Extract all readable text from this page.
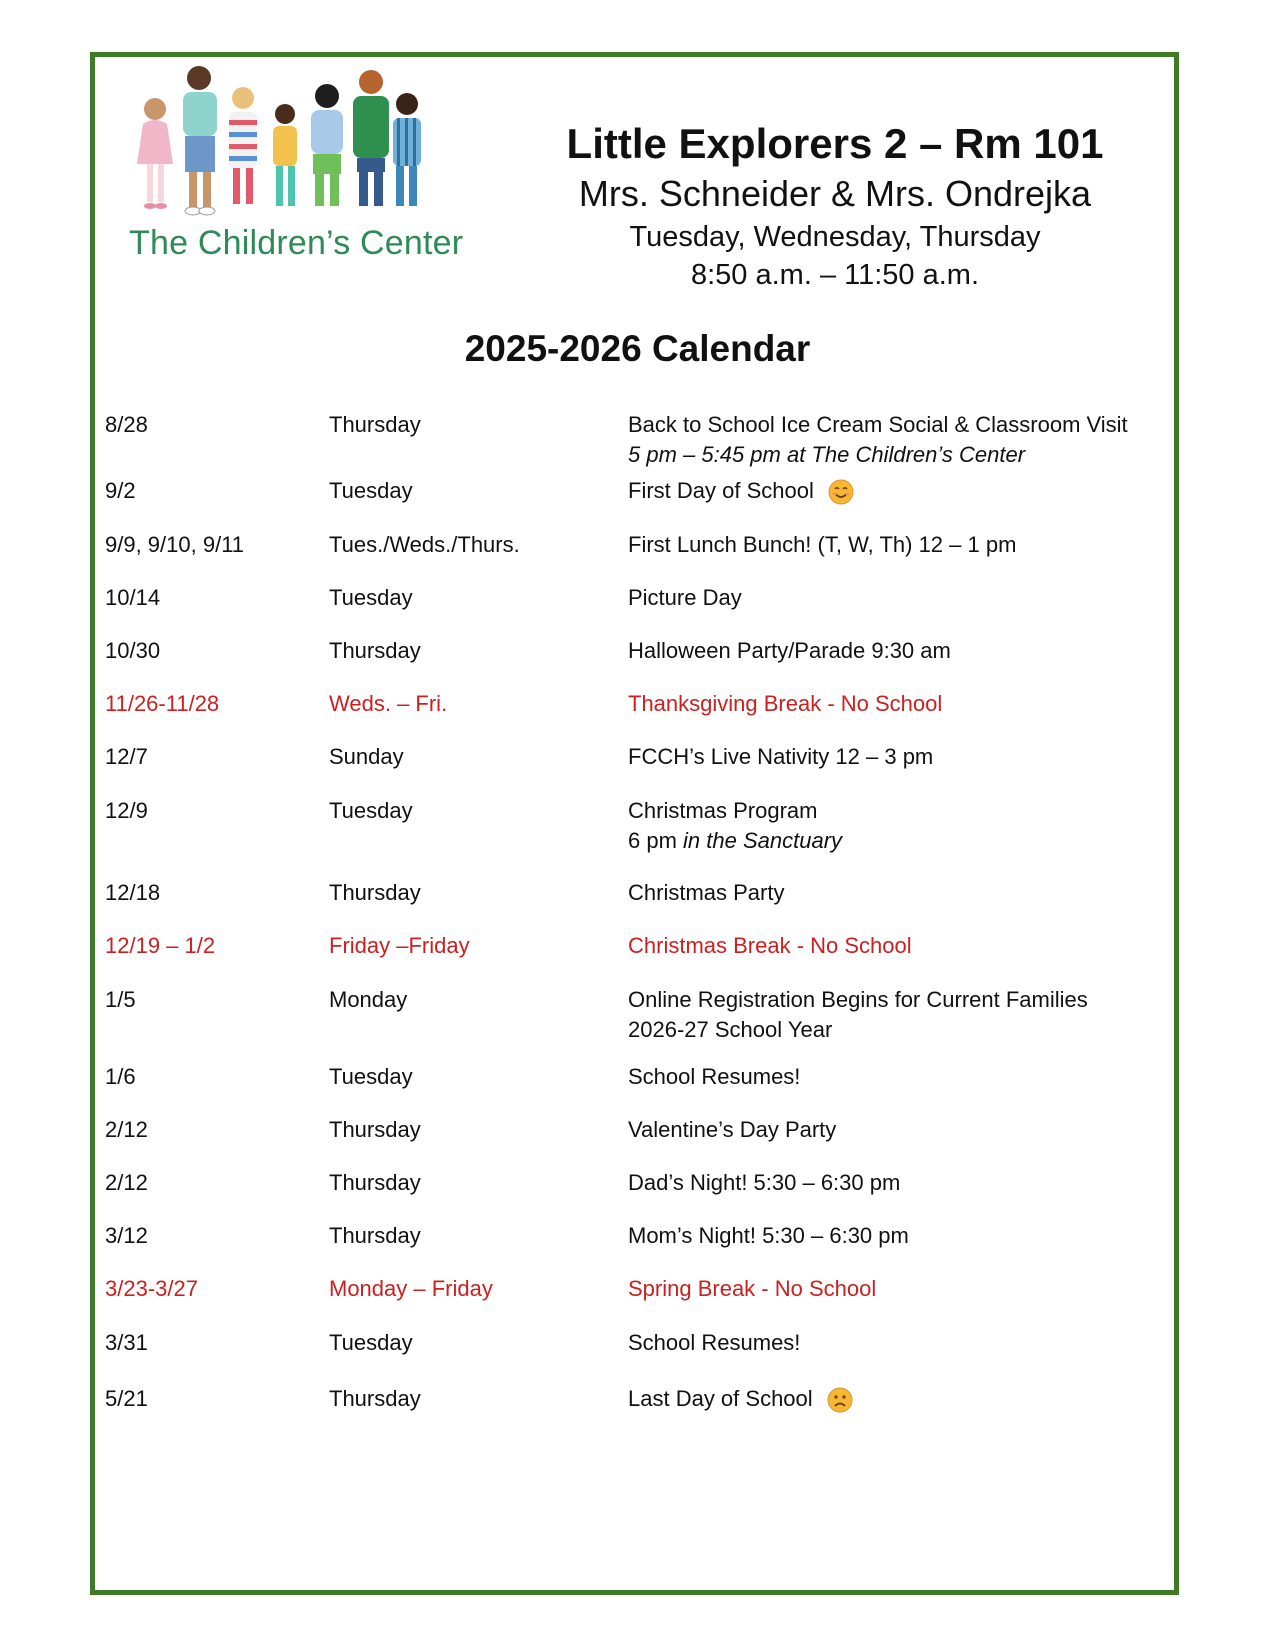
The Children’s Center

Little Explorers 2 – Rm 101

Mrs. Schneider & Mrs. Ondrejka

Tuesday, Wednesday, Thursday

8:50 a.m. – 11:50 a.m.

2025-2026 Calendar
8/28	Thursday	Back to School Ice Cream Social & Classroom Visit
5 pm – 5:45 pm at The Children’s Center
9/2	Tuesday	First Day of School
9/9, 9/10, 9/11	Tues./Weds./Thurs.	First Lunch Bunch! (T, W, Th) 12 – 1 pm
10/14	Tuesday	Picture Day
10/30	Thursday	Halloween Party/Parade 9:30 am
11/26-11/28	Weds. – Fri.	Thanksgiving Break - No School
12/7	Sunday	FCCH’s Live Nativity 12 – 3 pm
12/9	Tuesday	Christmas Program
6 pm in the Sanctuary
12/18	Thursday	Christmas Party
12/19 – 1/2	Friday –Friday	Christmas Break - No School
1/5	Monday	Online Registration Begins for Current Families
2026-27 School Year
1/6	Tuesday	School Resumes!
2/12	Thursday	Valentine’s Day Party
2/12	Thursday	Dad’s Night! 5:30 – 6:30 pm
3/12	Thursday	Mom’s Night! 5:30 – 6:30 pm
3/23-3/27	Monday – Friday	Spring Break - No School
3/31	Tuesday	School Resumes!
5/21	Thursday	Last Day of School
